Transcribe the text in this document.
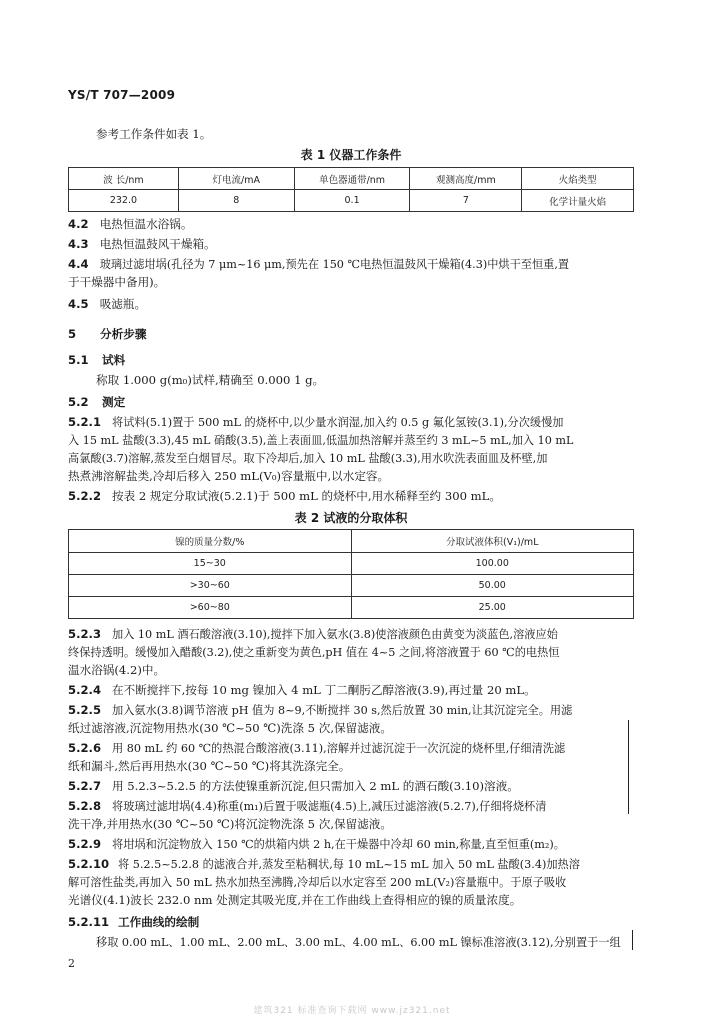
YS/T 707—2009
参考工作条件如表 1。
表 1 仪器工作条件
波 长/nm	灯电流/mA	单色器通带/nm	观测高度/mm	火焰类型
232.0	8	0.1	7	化学计量火焰
4.2 电热恒温水浴锅。
4.3 电热恒温鼓风干燥箱。
4.4 玻璃过滤坩埚(孔径为 7 μm~16 μm,预先在 150 ℃电热恒温鼓风干燥箱(4.3)中烘干至恒重,置
于干燥器中备用)。
4.5 吸滤瓶。
5 分析步骤
5.1 试料
称取 1.000 g(m₀)试样,精确至 0.000 1 g。
5.2 测定
5.2.1 将试料(5.1)置于 500 mL 的烧杯中,以少量水润湿,加入约 0.5 g 氟化氢铵(3.1),分次缓慢加
入 15 mL 盐酸(3.3),45 mL 硝酸(3.5),盖上表面皿,低温加热溶解并蒸至约 3 mL~5 mL,加入 10 mL
高氯酸(3.7)溶解,蒸发至白烟冒尽。取下冷却后,加入 10 mL 盐酸(3.3),用水吹洗表面皿及杯壁,加
热煮沸溶解盐类,冷却后移入 250 mL(V₀)容量瓶中,以水定容。
5.2.2 按表 2 规定分取试液(5.2.1)于 500 mL 的烧杯中,用水稀释至约 300 mL。
表 2 试液的分取体积
镍的质量分数/%	分取试液体积(V₁)/mL
15~30	100.00
>30~60	50.00
>60~80	25.00
5.2.3 加入 10 mL 酒石酸溶液(3.10),搅拌下加入氨水(3.8)使溶液颜色由黄变为淡蓝色,溶液应始
终保持透明。缓慢加入醋酸(3.2),使之重新变为黄色,pH 值在 4~5 之间,将溶液置于 60 ℃的电热恒
温水浴锅(4.2)中。
5.2.4 在不断搅拌下,按每 10 mg 镍加入 4 mL 丁二酮肟乙醇溶液(3.9),再过量 20 mL。
5.2.5 加入氨水(3.8)调节溶液 pH 值为 8~9,不断搅拌 30 s,然后放置 30 min,让其沉淀完全。用滤
纸过滤溶液,沉淀物用热水(30 ℃~50 ℃)洗涤 5 次,保留滤液。
5.2.6 用 80 mL 约 60 ℃的热混合酸溶液(3.11),溶解并过滤沉淀于一次沉淀的烧杯里,仔细清洗滤
纸和漏斗,然后再用热水(30 ℃~50 ℃)将其洗涤完全。
5.2.7 用 5.2.3~5.2.5 的方法使镍重新沉淀,但只需加入 2 mL 的酒石酸(3.10)溶液。
5.2.8 将玻璃过滤坩埚(4.4)称重(m₁)后置于吸滤瓶(4.5)上,减压过滤溶液(5.2.7),仔细将烧杯清
洗干净,并用热水(30 ℃~50 ℃)将沉淀物洗涤 5 次,保留滤液。
5.2.9 将坩埚和沉淀物放入 150 ℃的烘箱内烘 2 h,在干燥器中冷却 60 min,称量,直至恒重(m₂)。
5.2.10 将 5.2.5~5.2.8 的滤液合并,蒸发至粘稠状,每 10 mL~15 mL 加入 50 mL 盐酸(3.4)加热溶
解可溶性盐类,再加入 50 mL 热水加热至沸腾,冷却后以水定容至 200 mL(V₂)容量瓶中。于原子吸收
光谱仪(4.1)波长 232.0 nm 处测定其吸光度,并在工作曲线上查得相应的镍的质量浓度。
5.2.11 工作曲线的绘制
移取 0.00 mL、1.00 mL、2.00 mL、3.00 mL、4.00 mL、6.00 mL 镍标准溶液(3.12),分别置于一组
2
建筑321 标准查询下载网 www.jz321.net
